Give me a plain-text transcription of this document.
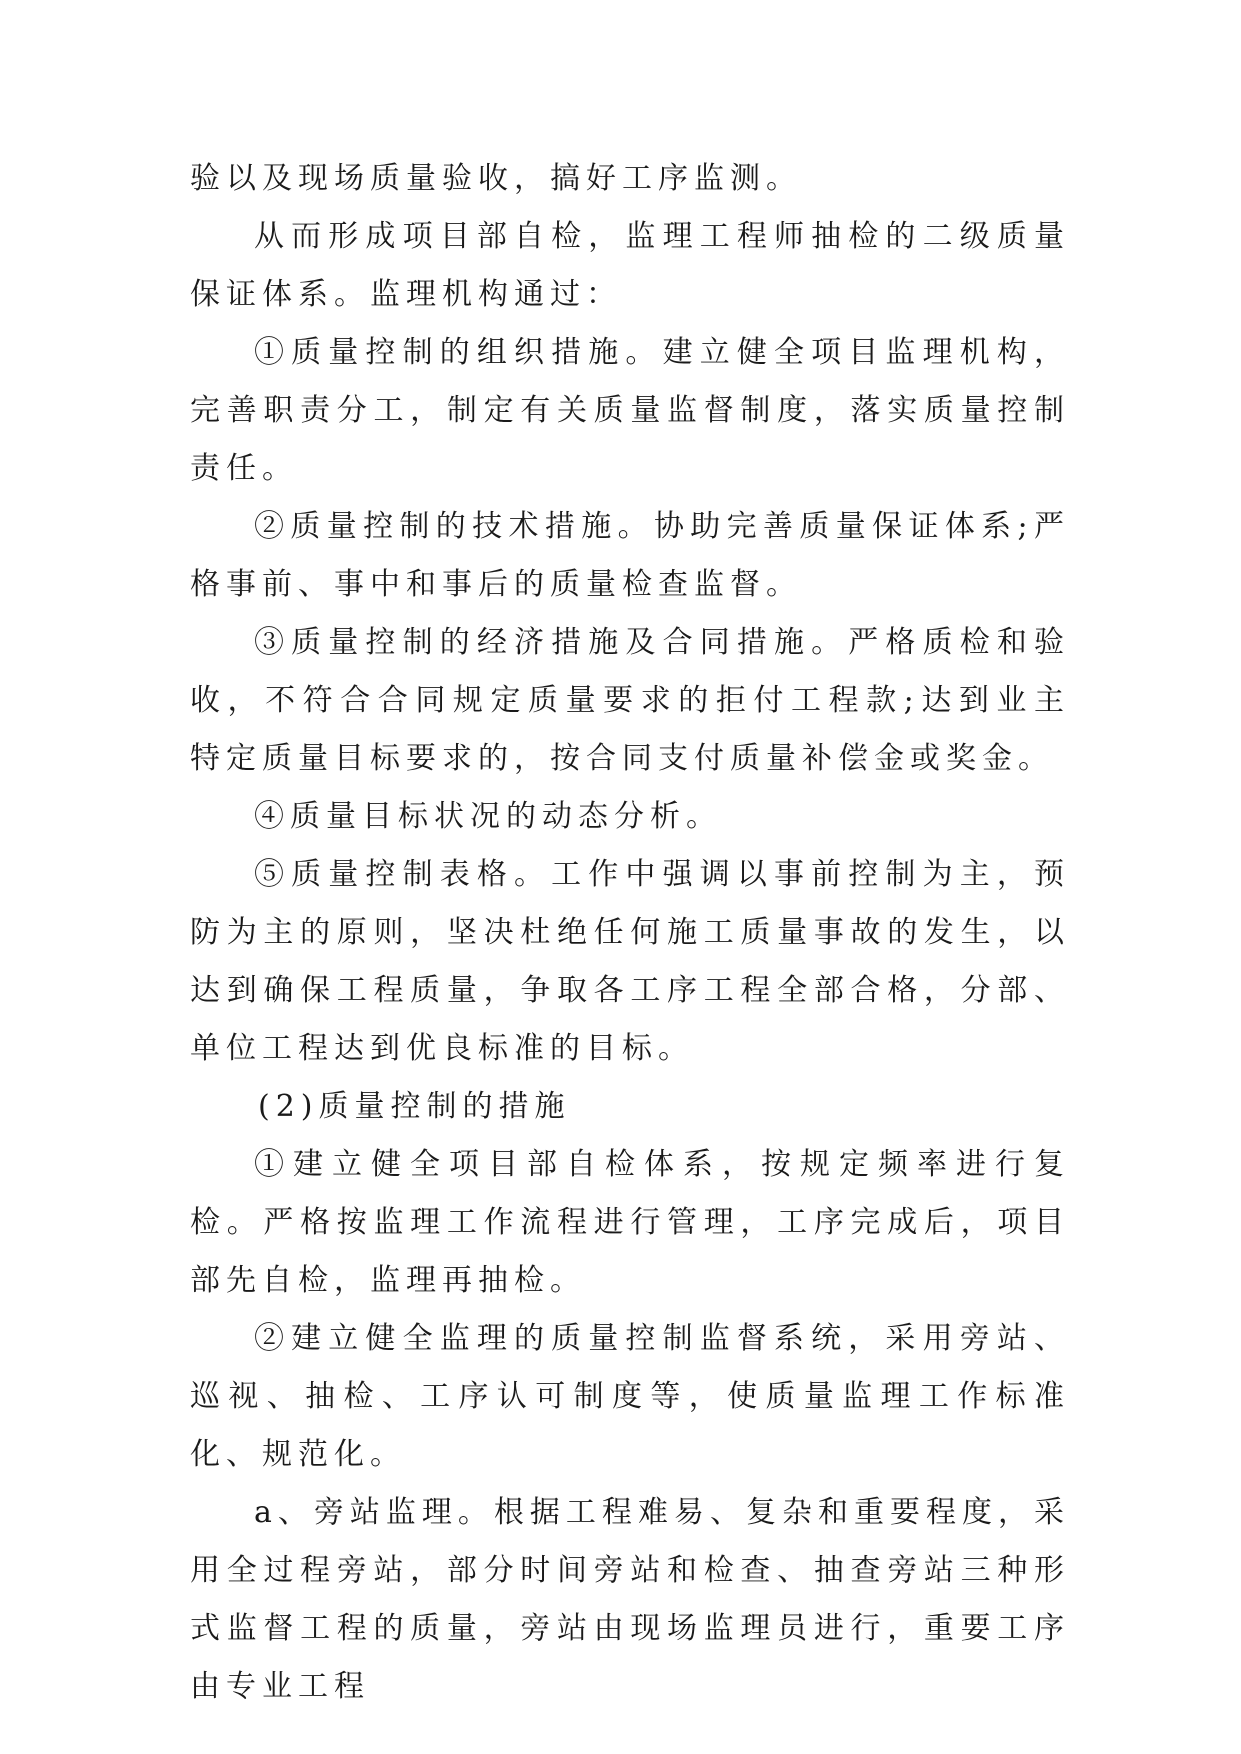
验以及现场质量验收，搞好工序监测。

从而形成项目部自检，监理工程师抽检的二级质量保证体系。监理机构通过：

①质量控制的组织措施。建立健全项目监理机构，完善职责分工，制定有关质量监督制度，落实质量控制责任。

②质量控制的技术措施。协助完善质量保证体系;严格事前、事中和事后的质量检查监督。

③质量控制的经济措施及合同措施。严格质检和验收，不符合合同规定质量要求的拒付工程款;达到业主特定质量目标要求的，按合同支付质量补偿金或奖金。

④质量目标状况的动态分析。

⑤质量控制表格。工作中强调以事前控制为主，预防为主的原则，坚决杜绝任何施工质量事故的发生，以达到确保工程质量，争取各工序工程全部合格，分部、单位工程达到优良标准的目标。

(2)质量控制的措施

①建立健全项目部自检体系，按规定频率进行复检。严格按监理工作流程进行管理，工序完成后，项目部先自检，监理再抽检。

②建立健全监理的质量控制监督系统，采用旁站、巡视、抽检、工序认可制度等，使质量监理工作标准化、规范化。

a、旁站监理。根据工程难易、复杂和重要程度，采用全过程旁站，部分时间旁站和检查、抽查旁站三种形式监督工程的质量，旁站由现场监理员进行，重要工序由专业工程
